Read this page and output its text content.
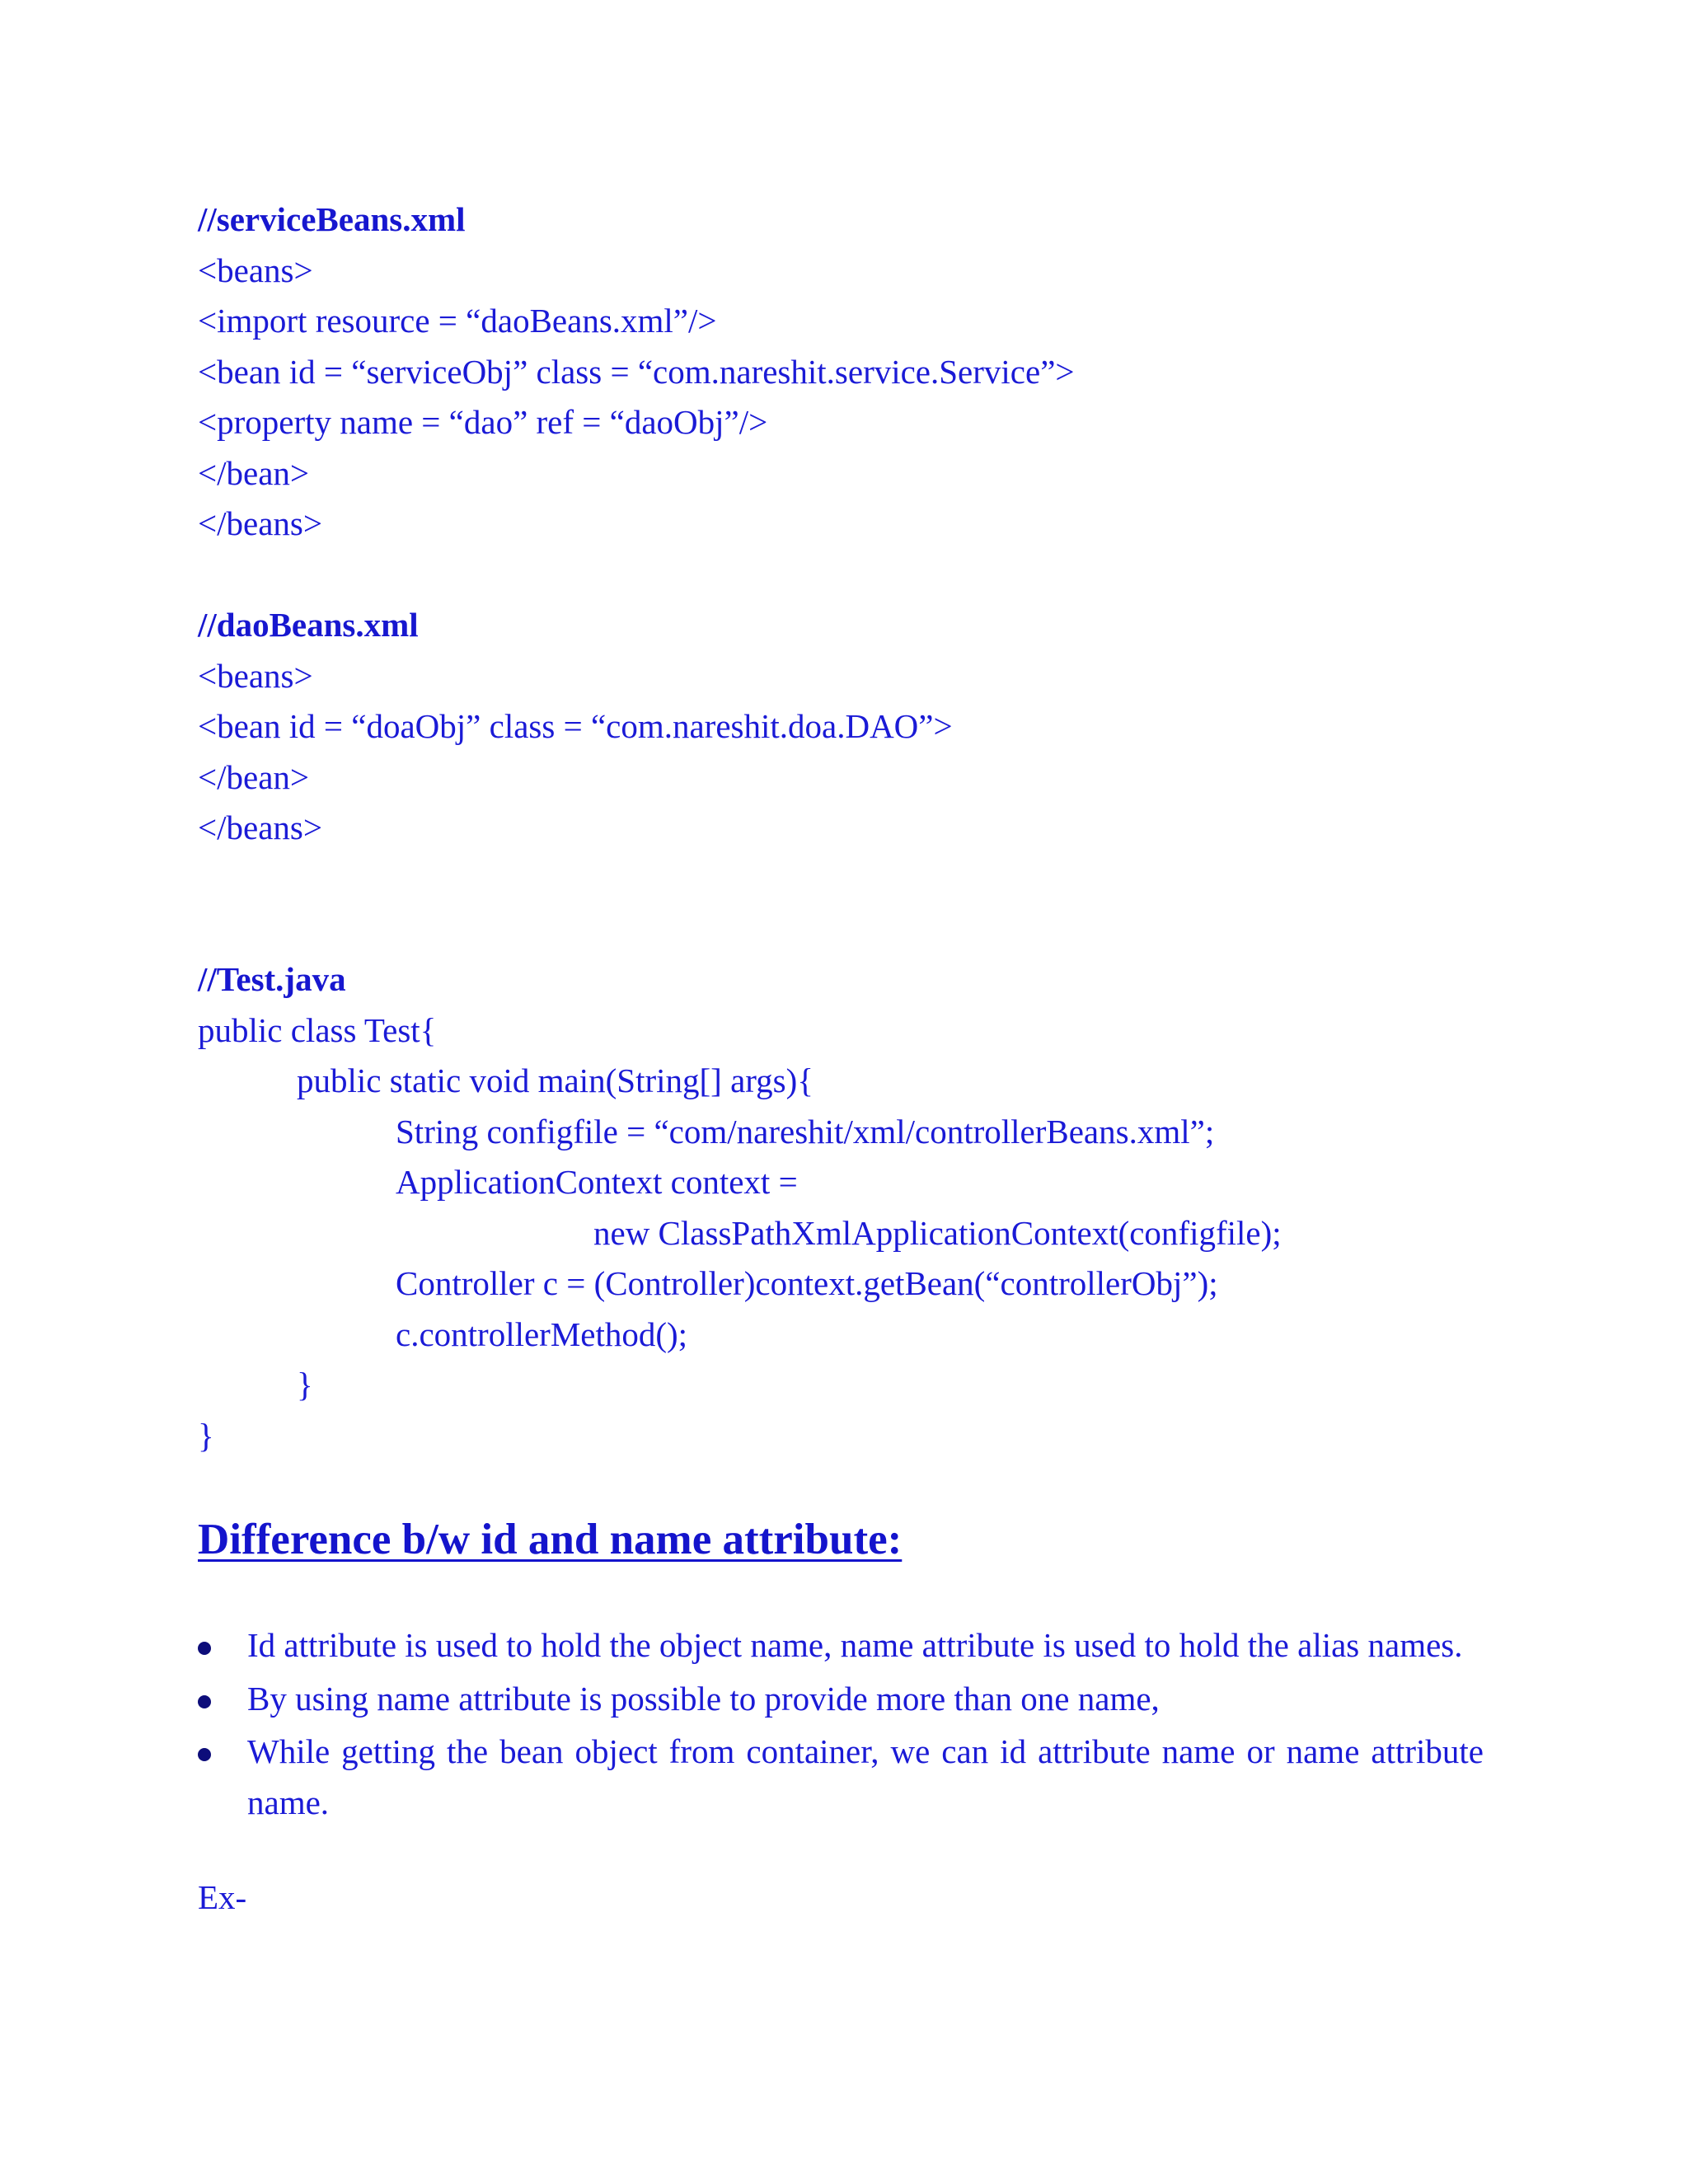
//serviceBeans.xml
<beans>
<import resource = “daoBeans.xml”/>
<bean id = “serviceObj” class = “com.nareshit.service.Service”>
<property name = “dao” ref = “daoObj”/>
</bean>
</beans>
//daoBeans.xml
<beans>
<bean id = “doaObj” class = “com.nareshit.doa.DAO”>
</bean>
</beans>
//Test.java
public class Test{
public static void main(String[] args){
String configfile = “com/nareshit/xml/controllerBeans.xml”;
ApplicationContext context =
new ClassPathXmlApplicationContext(configfile);
Controller c = (Controller)context.getBean(“controllerObj”);
c.controllerMethod();
}
}
Difference b/w id and name attribute:
Id attribute is used to hold the object name, name attribute is used to hold the alias names.
By using name attribute is possible to provide more than one name,
While getting the bean object from container, we can id attribute name or name attribute name.
Ex-
